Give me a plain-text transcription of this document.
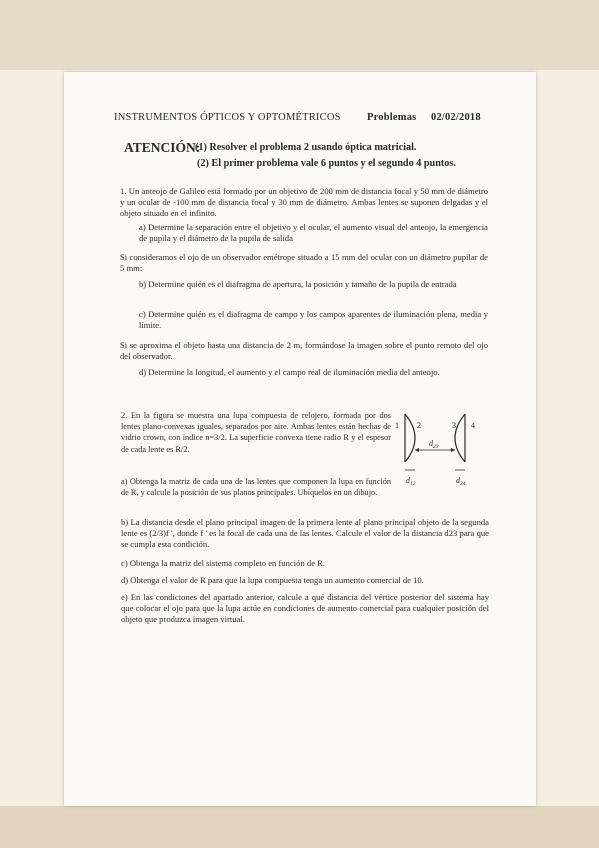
INSTRUMENTOS ÓPTICOS Y OPTOMÉTRICOS	Problemas 02/02/2018
ATENCIÓN:
(1) Resolver el problema 2 usando óptica matricial.
(2) El primer problema vale 6 puntos y el segundo 4 puntos.
1. Un anteojo de Galileo está formado por un objetivo de 200 mm de distancia focal y 50 mm de diámetro y un ocular de -100 mm de distancia focal y 30 mm de diámetro. Ambas lentes se suponen delgadas y el objeto situado en el infinito.
a) Determine la separación entre el objetivo y el ocular, el aumento visual del anteojo, la emergencia de pupila y el diámetro de la pupila de salida
Si consideramos el ojo de un observador emétrope situado a 15 mm del ocular con un diámetro pupilar de 5 mm:
b) Determine quién es el diafragma de apertura, la posición y tamaño de la pupila de entrada
c) Determine quién es el diafragma de campo y los campos aparentes de iluminación plena, media y límite.
Si se aproxima el objeto hasta una distancia de 2 m, formándose la imagen sobre el punto remoto del ojo del observador.
d) Determine la longitud, el aumento y el campo real de iluminación media del anteojo.
2. En la figura se muestra una lupa compuesta de relojero, formada por dos lentes plano-convexas iguales, separados por aire. Ambas lentes están hechas de vidrio crown, con índice n=3/2. La superficie convexa tiene radio R y el espesor de cada lente es R/2.
a) Obtenga la matriz de cada una de las lentes que componen la lupa en función de R, y calcule la posición de sus planos principales. Ubíquelos en un dibujo.
b) La distancia desde el plano principal imagen de la primera lente al plano principal objeto de la segunda lente es (2/3)f ', donde f ' es la focal de cada una de las lentes. Calcule el valor de la distancia d23 para que se cumpla esta condición.
c) Obtenga la matriz del sistema completo en función de R.
d) Obtenga el valor de R para que la lupa compuesta tenga un aumento comercial de 10.
e) En las condiciones del apartado anterior, calcule a qué distancia del vértice posterior del sistema hay que colocar el ojo para que la lupa actúe en condiciones de aumento comercial para cualquier posición del objeto que produzca imagen virtual.
1 2	3 4
$d_{23}$
$d_{12}$	$d_{34}$
